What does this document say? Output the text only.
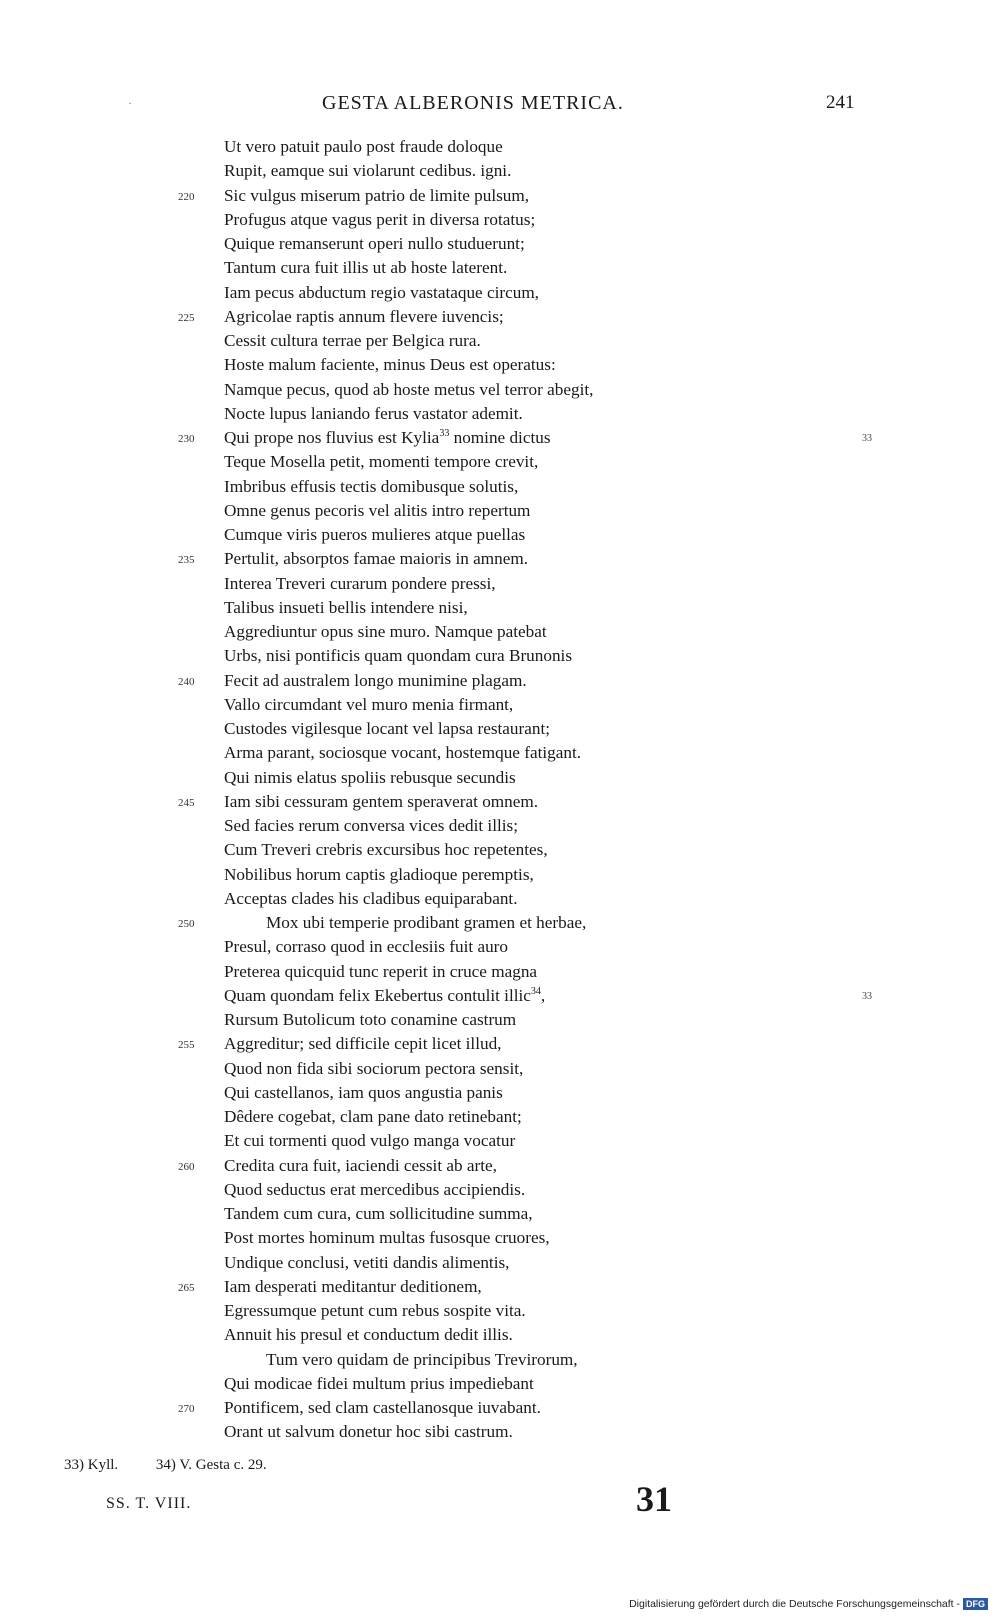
·	GESTA ALBERONIS METRICA.	241
Ut vero patuit paulo post fraude doloque
Rupit, eamque sui violarunt cedibus. igni.
220	Sic vulgus miserum patrio de limite pulsum,
Profugus atque vagus perit in diversa rotatus;
Quique remanserunt operi nullo studuerunt;
Tantum cura fuit illis ut ab hoste laterent.
Iam pecus abductum regio vastataque circum,
225	Agricolae raptis annum flevere iuvencis;
Cessit cultura terrae per Belgica rura.
Hoste malum faciente, minus Deus est operatus:
Namque pecus, quod ab hoste metus vel terror abegit,
Nocte lupus laniando ferus vastator ademit.
230	Qui prope nos fluvius est Kylia$^{33}$ nomine dictus	33
Teque Mosella petit, momenti tempore crevit,
Imbribus effusis tectis domibusque solutis,
Omne genus pecoris vel alitis intro repertum
Cumque viris pueros mulieres atque puellas
235	Pertulit, absorptos famae maioris in amnem.
Interea Treveri curarum pondere pressi,
Talibus insueti bellis intendere nisi,
Aggrediuntur opus sine muro. Namque patebat
Urbs, nisi pontificis quam quondam cura Brunonis
240	Fecit ad australem longo munimine plagam.
Vallo circumdant vel muro menia firmant,
Custodes vigilesque locant vel lapsa restaurant;
Arma parant, sociosque vocant, hostemque fatigant.
Qui nimis elatus spoliis rebusque secundis
245	Iam sibi cessuram gentem speraverat omnem.
Sed facies rerum conversa vices dedit illis;
Cum Treveri crebris excursibus hoc repetentes,
Nobilibus horum captis gladioque peremptis,
Acceptas clades his cladibus equiparabant.
250	Mox ubi temperie prodibant gramen et herbae,
Presul, corraso quod in ecclesiis fuit auro
Preterea quicquid tunc reperit in cruce magna
Quam quondam felix Ekebertus contulit illic$^{34}$,	33
Rursum Butolicum toto conamine castrum
255	Aggreditur; sed difficile cepit licet illud,
Quod non fida sibi sociorum pectora sensit,
Qui castellanos, iam quos angustia panis
Dêdere cogebat, clam pane dato retinebant;
Et cui tormenti quod vulgo manga vocatur
260	Credita cura fuit, iaciendi cessit ab arte,
Quod seductus erat mercedibus accipiendis.
Tandem cum cura, cum sollicitudine summa,
Post mortes hominum multas fusosque cruores,
Undique conclusi, vetiti dandis alimentis,
265	Iam desperati meditantur deditionem,
Egressumque petunt cum rebus sospite vita.
Annuit his presul et conductum dedit illis.
Tum vero quidam de principibus Trevirorum,
Qui modicae fidei multum prius impediebant
270	Pontificem, sed clam castellanosque iuvabant.
Orant ut salvum donetur hoc sibi castrum.
33) Kyll.	34) V. Gesta c. 29.
SS. T. VIII.	31
Digitalisierung gefördert durch die Deutsche Forschungsgemeinschaft - DFG
